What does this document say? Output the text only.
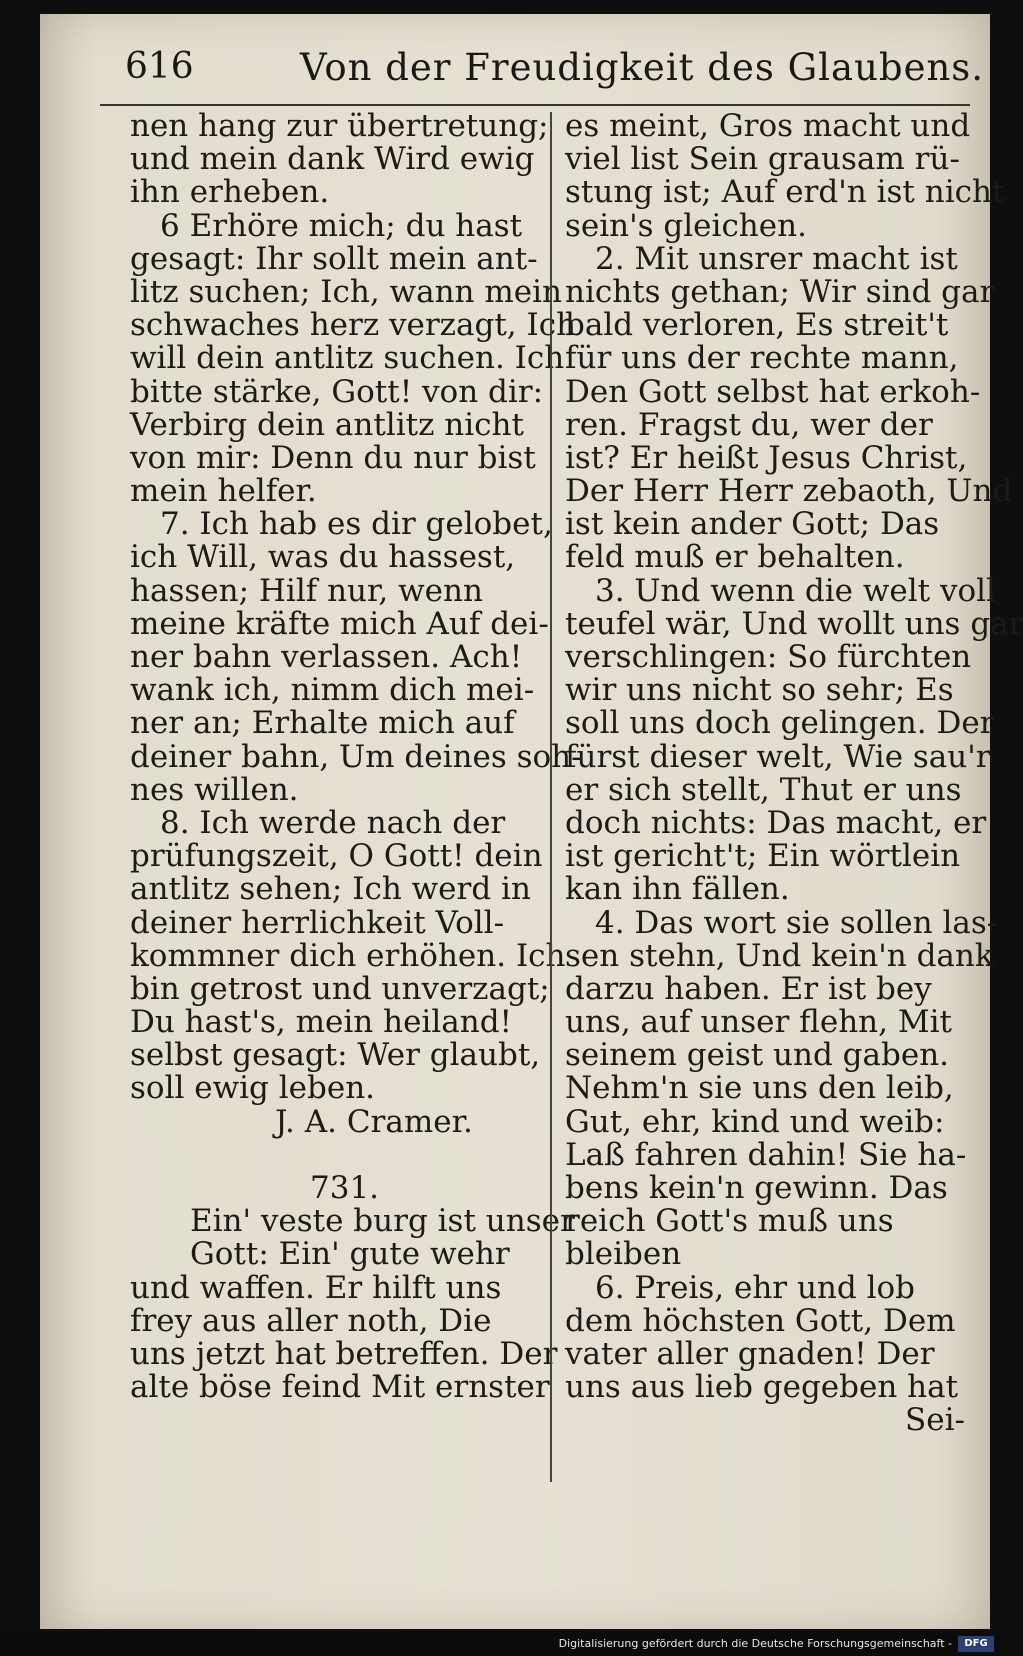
616	Von der Freudigkeit des Glaubens.
nen hang zur übertretung;
und mein dank Wird ewig
ihn erheben.
6 Erhöre mich; du hast
gesagt: Ihr sollt mein ant-
litz suchen; Ich, wann mein
schwaches herz verzagt, Ich
will dein antlitz suchen. Ich
bitte stärke, Gott! von dir:
Verbirg dein antlitz nicht
von mir: Denn du nur bist
mein helfer.
7. Ich hab es dir gelobet,
ich Will, was du hassest,
hassen; Hilf nur, wenn
meine kräfte mich Auf dei-
ner bahn verlassen. Ach!
wank ich, nimm dich mei-
ner an; Erhalte mich auf
deiner bahn, Um deines soh-
nes willen.
8. Ich werde nach der
prüfungszeit, O Gott! dein
antlitz sehen; Ich werd in
deiner herrlichkeit Voll-
kommner dich erhöhen. Ich
bin getrost und unverzagt;
Du hast's, mein heiland!
selbst gesagt: Wer glaubt,
soll ewig leben.
J. A. Cramer.
731.
Ein' veste burg ist unser
Gott: Ein' gute wehr
und waffen. Er hilft uns
frey aus aller noth, Die
uns jetzt hat betreffen. Der
alte böse feind Mit ernster
es meint, Gros macht und
viel list Sein grausam rü-
stung ist; Auf erd'n ist nicht
sein's gleichen.
2. Mit unsrer macht ist
nichts gethan; Wir sind gar
bald verloren, Es streit't
für uns der rechte mann,
Den Gott selbst hat erkoh-
ren. Fragst du, wer der
ist? Er heißt Jesus Christ,
Der Herr Herr zebaoth, Und
ist kein ander Gott; Das
feld muß er behalten.
3. Und wenn die welt voll
teufel wär, Und wollt uns gar
verschlingen: So fürchten
wir uns nicht so sehr; Es
soll uns doch gelingen. Der
fürst dieser welt, Wie sau'r
er sich stellt, Thut er uns
doch nichts: Das macht, er
ist gericht't; Ein wörtlein
kan ihn fällen.
4. Das wort sie sollen las-
sen stehn, Und kein'n dank
darzu haben. Er ist bey
uns, auf unser flehn, Mit
seinem geist und gaben.
Nehm'n sie uns den leib,
Gut, ehr, kind und weib:
Laß fahren dahin! Sie ha-
bens kein'n gewinn. Das
reich Gott's muß uns
bleiben
6. Preis, ehr und lob
dem höchsten Gott, Dem
vater aller gnaden! Der
uns aus lieb gegeben hat
Sei-
Digitalisierung gefördert durch die Deutsche Forschungsgemeinschaft -	DFG
